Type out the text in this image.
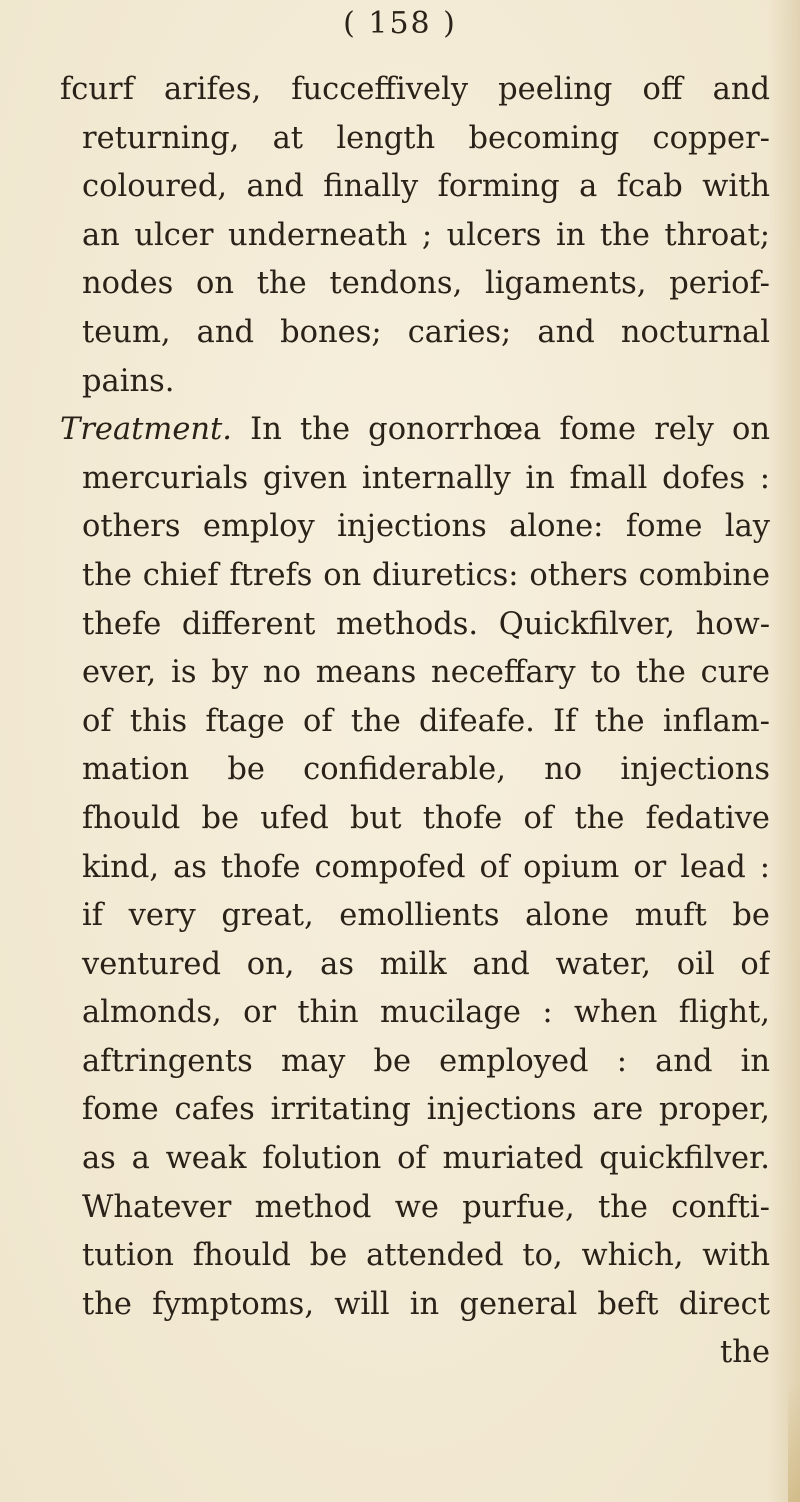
( 158 )
fcurf arifes, fucceffively peeling off and
returning, at length becoming copper-
coloured, and finally forming a fcab with
an ulcer underneath ; ulcers in the throat;
nodes on the tendons, ligaments, periof-
teum, and bones; caries; and nocturnal
pains.
Treatment. In the gonorrhœa fome rely on
mercurials given internally in fmall dofes :
others employ injections alone: fome lay
the chief ftrefs on diuretics: others combine
thefe different methods. Quickfilver, how-
ever, is by no means neceffary to the cure
of this ftage of the difeafe. If the inflam-
mation be confiderable, no injections
fhould be ufed but thofe of the fedative
kind, as thofe compofed of opium or lead :
if very great, emollients alone muft be
ventured on, as milk and water, oil of
almonds, or thin mucilage : when flight,
aftringents may be employed : and in
fome cafes irritating injections are proper,
as a weak folution of muriated quickfilver.
Whatever method we purfue, the confti-
tution fhould be attended to, which, with
the fymptoms, will in general beft direct
the
